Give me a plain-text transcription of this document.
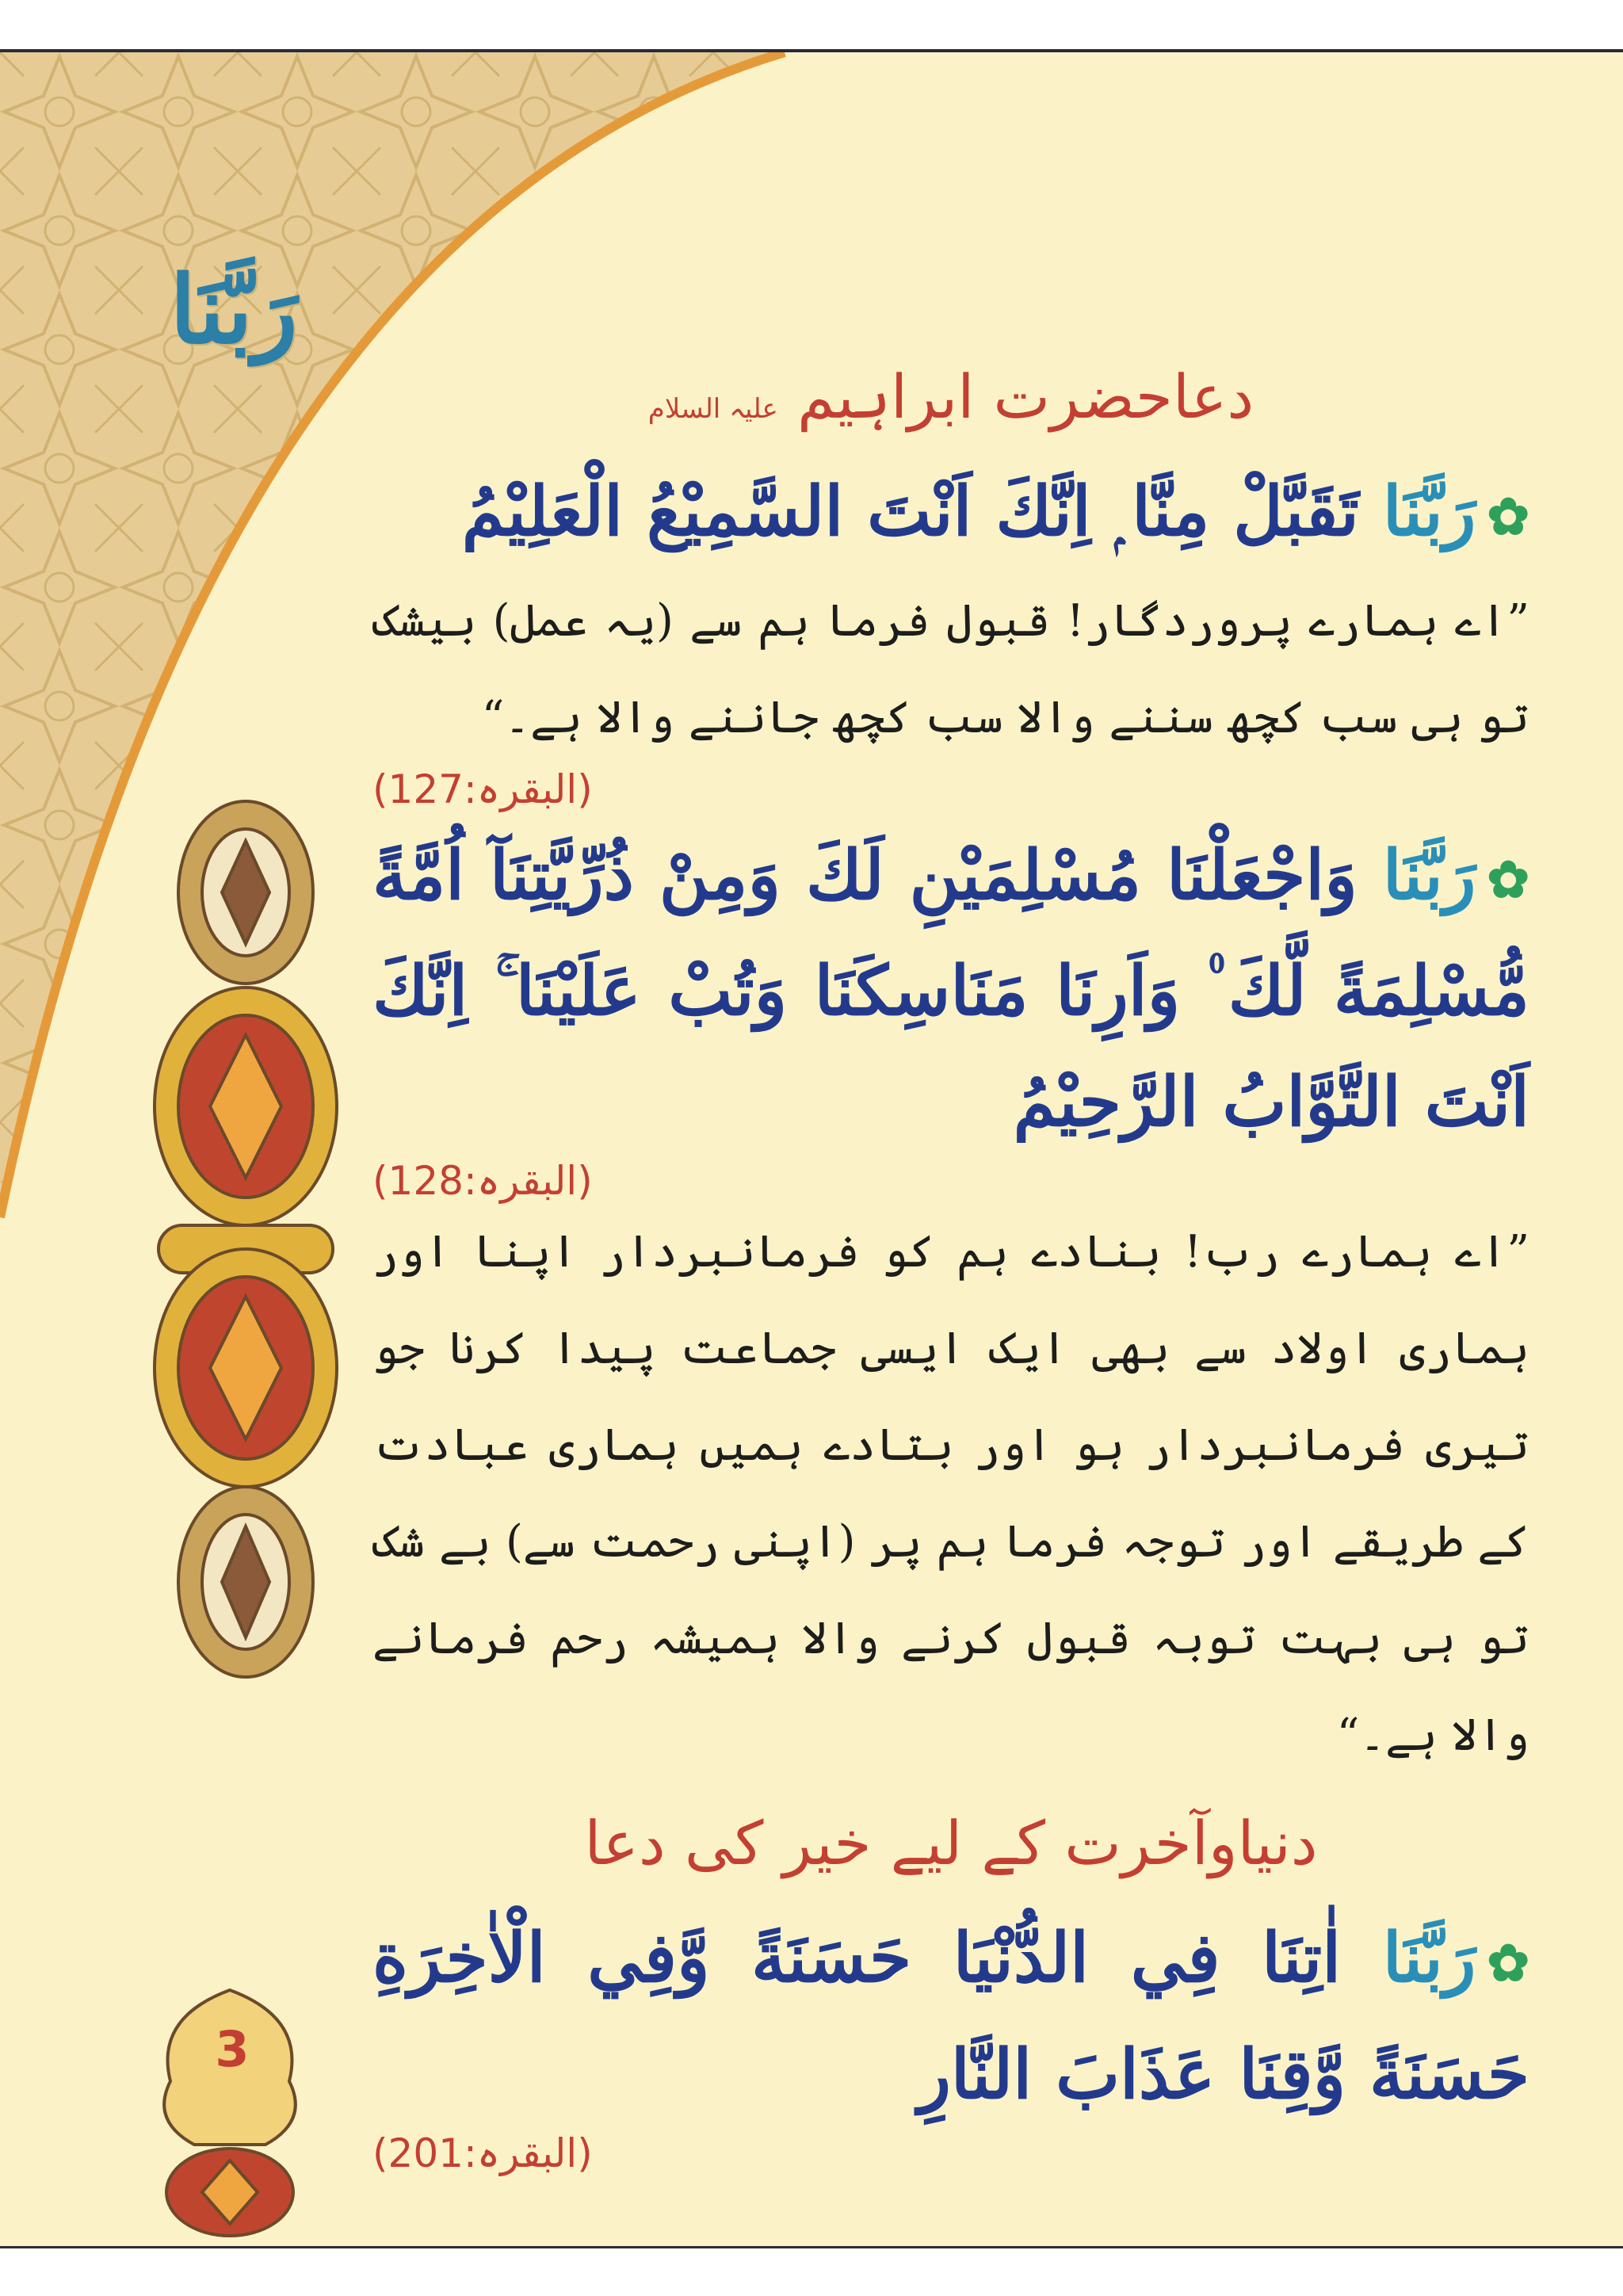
رَبَّنَا
3
دعاحضرت ابراہیم علیہ السلام
✿رَبَّنَا تَقَبَّلْ مِنَّا ۭ اِنَّكَ اَنْتَ السَّمِيْعُ الْعَلِيْمُ
”اے ہمارے پروردگار! قبول فرما ہم سے (یہ عمل) بیشک تو ہی سب کچھ سننے والا سب کچھ جاننے والا ہے۔“
(البقرہ:127)
✿رَبَّنَا وَاجْعَلْنَا مُسْلِمَيْنِ لَكَ وَمِنْ ذُرِّيَّتِنَآ اُمَّةً مُّسْلِمَةً لَّكَ ۠ وَاَرِنَا مَنَاسِكَنَا وَتُبْ عَلَيْنَا ۚ اِنَّكَ اَنْتَ التَّوَّابُ الرَّحِيْمُ
(البقرہ:128)
”اے ہمارے رب! بنادے ہم کو فرمانبردار اپنا اور ہماری اولاد سے بھی ایک ایسی جماعت پیدا کرنا جو تیری فرمانبردار ہو اور بتادے ہمیں ہماری عبادت کے طریقے اور توجہ فرما ہم پر (اپنی رحمت سے) بے شک تو ہی بہت توبہ قبول کرنے والا ہمیشہ رحم فرمانے والا ہے۔“
دنیاوآخرت کے لیے خیر کی دعا
✿رَبَّنَا اٰتِنَا فِي الدُّنْيَا حَسَنَةً وَّفِي الْاٰخِرَةِ حَسَنَةً وَّقِنَا عَذَابَ النَّارِ
(البقرہ:201)
